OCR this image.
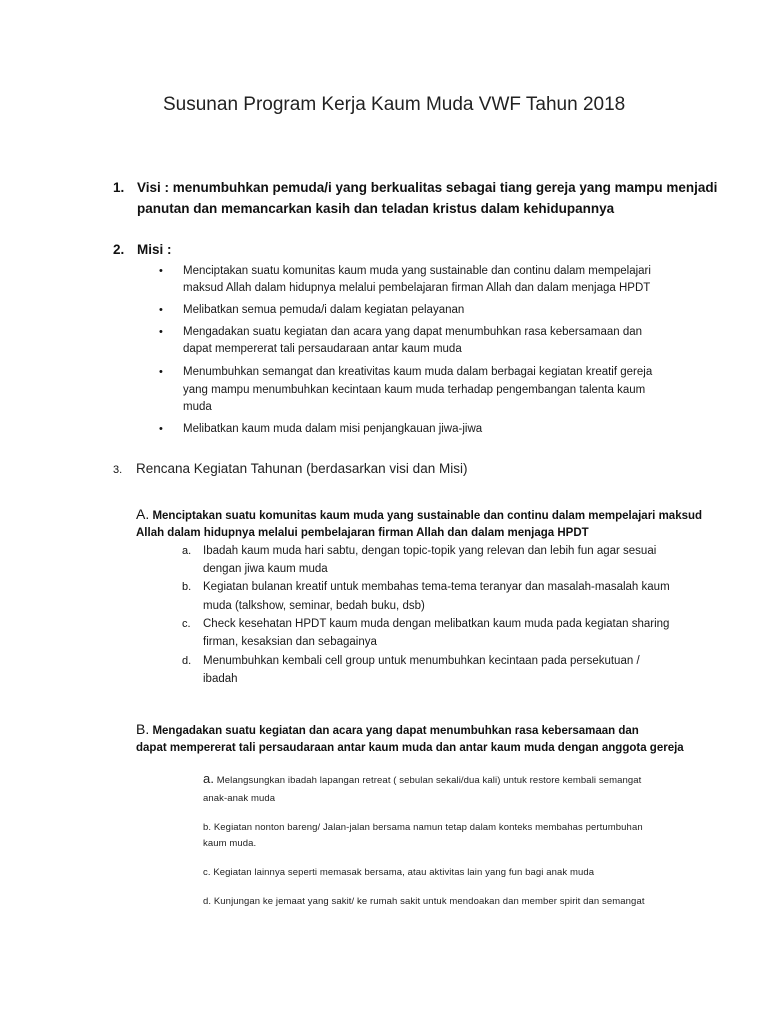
Susunan Program Kerja Kaum Muda VWF Tahun 2018
1. Visi : menumbuhkan pemuda/i yang berkualitas sebagai tiang gereja yang mampu menjadi
panutan dan memancarkan kasih dan teladan kristus dalam kehidupannya
2. Misi :
• Menciptakan suatu komunitas kaum muda yang sustainable dan continu dalam mempelajari
maksud Allah dalam hidupnya melalui pembelajaran firman Allah dan dalam menjaga HPDT
• Melibatkan semua pemuda/i dalam kegiatan pelayanan
• Mengadakan suatu kegiatan dan acara yang dapat menumbuhkan rasa kebersamaan dan
dapat mempererat tali persaudaraan antar kaum muda
• Menumbuhkan semangat dan kreativitas kaum muda dalam berbagai kegiatan kreatif gereja
yang mampu menumbuhkan kecintaan kaum muda terhadap pengembangan talenta kaum
muda
• Melibatkan kaum muda dalam misi penjangkauan jiwa-jiwa
3. Rencana Kegiatan Tahunan (berdasarkan visi dan Misi)
A. Menciptakan suatu komunitas kaum muda yang sustainable dan continu dalam mempelajari maksud
Allah dalam hidupnya melalui pembelajaran firman Allah dan dalam menjaga HPDT
a. Ibadah kaum muda hari sabtu, dengan topic-topik yang relevan dan lebih fun agar sesuai
dengan jiwa kaum muda
b. Kegiatan bulanan kreatif untuk membahas tema-tema teranyar dan masalah-masalah kaum
muda (talkshow, seminar, bedah buku, dsb)
c. Check kesehatan HPDT kaum muda dengan melibatkan kaum muda pada kegiatan sharing
firman, kesaksian dan sebagainya
d. Menumbuhkan kembali cell group untuk menumbuhkan kecintaan pada persekutuan /
ibadah
B. Mengadakan suatu kegiatan dan acara yang dapat menumbuhkan rasa kebersamaan dan
dapat mempererat tali persaudaraan antar kaum muda dan antar kaum muda dengan anggota gereja
a. Melangsungkan ibadah lapangan retreat ( sebulan sekali/dua kali) untuk restore kembali semangat
anak-anak muda
b. Kegiatan nonton bareng/ Jalan-jalan bersama namun tetap dalam konteks membahas pertumbuhan
kaum muda.
c. Kegiatan lainnya seperti memasak bersama, atau aktivitas lain yang fun bagi anak muda
d. Kunjungan ke jemaat yang sakit/ ke rumah sakit untuk mendoakan dan member spirit dan semangat
